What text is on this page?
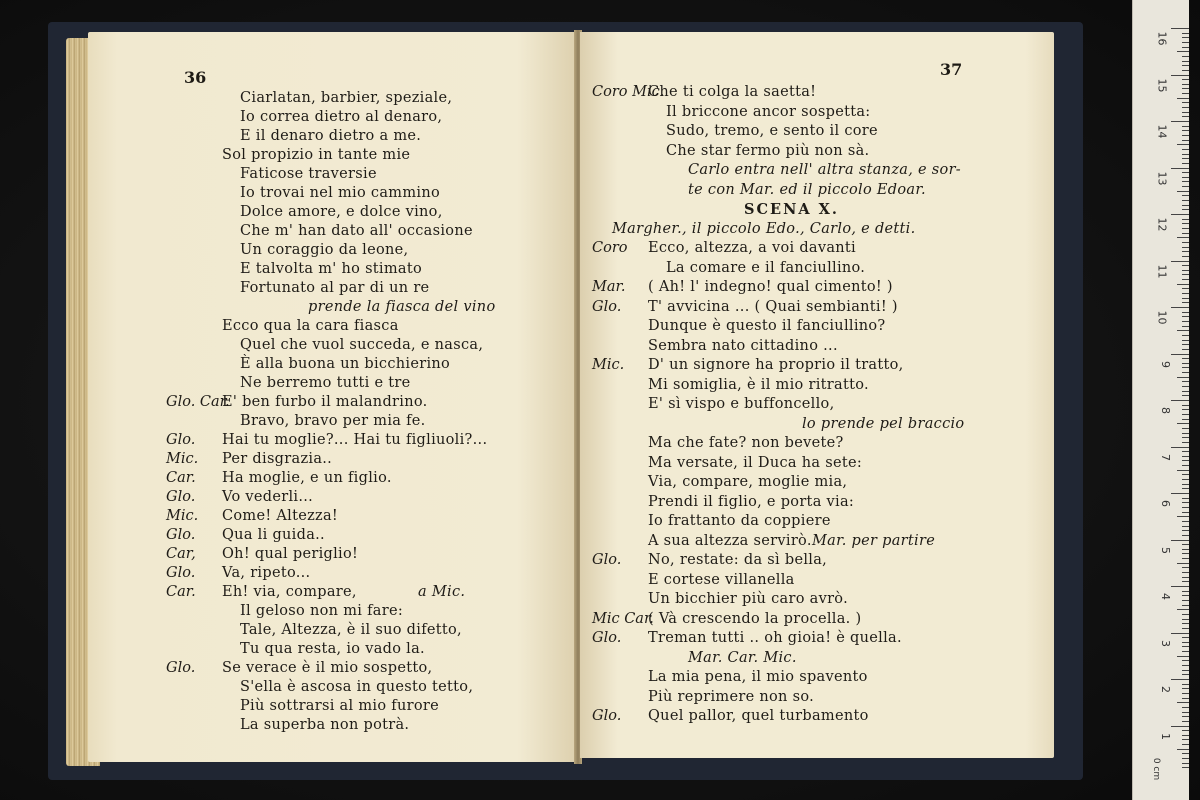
36
Ciarlatan, barbier, speziale,
Io correa dietro al denaro,
E il denaro dietro a me.
Sol propizio in tante mie
Faticose traversie
Io trovai nel mio cammino
Dolce amore, e dolce vino,
Che m' han dato all' occasione
Un coraggio da leone,
E talvolta m' ho stimato
Fortunato al par di un re
prende la fiasca del vino
Ecco qua la cara fiasca
Quel che vuol succeda, e nasca,
È alla buona un bicchierino
Ne berremo tutti e tre
Glo. Car.
E' ben furbo il malandrino.
Bravo, bravo per mia fe.
Glo. Hai tu moglie?... Hai tu figliuoli?...
Mic. Per disgrazia..
Car. Ha moglie, e un figlio.
Glo. Vo vederli...
Mic. Come! Altezza!
Glo. Qua li guida..
Car, Oh! qual periglio!
Glo. Va, ripeto...
Car. Eh! via, compare,	a Mic.
Il geloso non mi fare:
Tale, Altezza, è il suo difetto,
Tu qua resta, io vado la.
Glo. Se verace è il mio sospetto,
S'ella è ascosa in questo tetto,
Più sottrarsi al mio furore
La superba non potrà.
37
Coro Mic.
Che ti colga la saetta!
Il briccone ancor sospetta:
Sudo, tremo, e sento il core
Che star fermo più non sà.
Carlo entra nell' altra stanza, e sor-
te con Mar. ed il piccolo Edoar.
SCENA X.
Margher., il piccolo Edo., Carlo, e detti.
Coro Ecco, altezza, a voi davanti
La comare e il fanciullino.
Mar. ( Ah! l' indegno! qual cimento! )
Glo. T' avvicina ... ( Quai sembianti! )
Dunque è questo il fanciullino?
Sembra nato cittadino ...
Mic. D' un signore ha proprio il tratto,
Mi somiglia, è il mio ritratto.
E' sì vispo e buffoncello,
lo prende pel braccio
Ma che fate? non bevete?
Ma versate, il Duca ha sete:
Via, compare, moglie mia,
Prendi il figlio, e porta via:
Io frattanto da coppiere
A sua altezza servirò. Mar. per partire
Glo. No, restate: da sì bella,
E cortese villanella
Un bicchier più caro avrò.
Mic Car.
( Và crescendo la procella. )
Glo. Treman tutti .. oh gioia! è quella.
Mar. Car. Mic.
La mia pena, il mio spavento
Più reprimere non so.
Glo. Quel pallor, quel turbamento
16
15
14
13
12
11
10
9
8
7
6
5
4
3
2
1
0 cm
